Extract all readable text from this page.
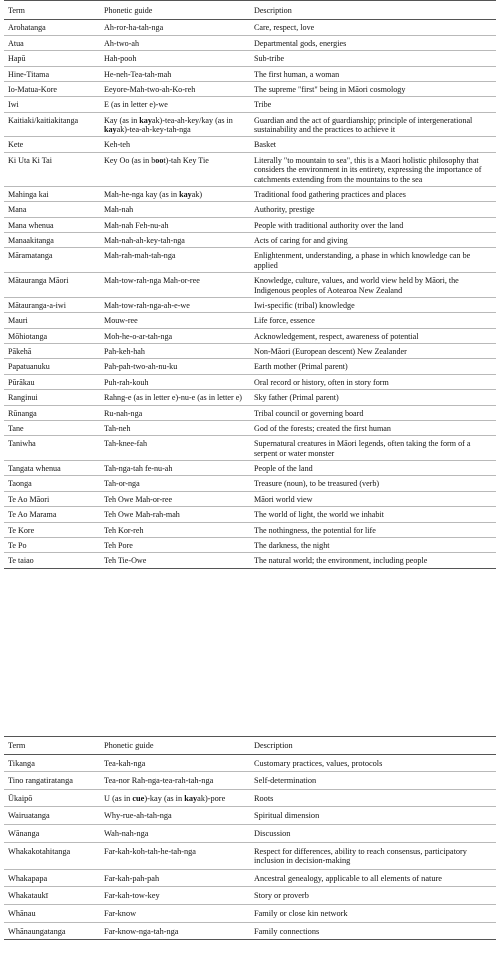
Term	Phonetic guide	Description
Arohatanga	Ah-ror-ha-tah-nga	Care, respect, love
Atua	Ah-two-ah	Departmental gods, energies
Hapū	Hah-pooh	Sub-tribe
Hine-Titama	He-neh-Tea-tah-mah	The first human, a woman
Io-Matua-Kore	Eeyore-Mah-two-ah-Ko-reh	The supreme "first" being in Māori cosmology
Iwi	E (as in letter e)-we	Tribe
Kaitiaki/kaitiakitanga	Kay (as in kayak)-tea-ah-key/kay (as in kayak)-tea-ah-key-tah-nga	Guardian and the act of guardianship; principle of intergenerational sustainability and the practices to achieve it
Kete	Keh-teh	Basket
Ki Uta Ki Tai	Key Oo (as in boot)-tah Key Tie	Literally "to mountain to sea", this is a Maori holistic philosophy that considers the environment in its entirety, expressing the importance of catchments extending from the mountains to the sea
Mahinga kai	Mah-he-nga kay (as in kayak)	Traditional food gathering practices and places
Mana	Mah-nah	Authority, prestige
Mana whenua	Mah-nah Feh-nu-ah	People with traditional authority over the land
Manaakitanga	Mah-nah-ah-key-tah-nga	Acts of caring for and giving
Māramatanga	Mah-rah-mah-tah-nga	Enlightenment, understanding, a phase in which knowledge can be applied
Mātauranga Māori	Mah-tow-rah-nga Mah-or-ree	Knowledge, culture, values, and world view held by Māori, the Indigenous peoples of Aotearoa New Zealand
Mātauranga-a-iwi	Mah-tow-rah-nga-ah-e-we	Iwi-specific (tribal) knowledge
Mauri	Mouw-ree	Life force, essence
Mōhiotanga	Moh-he-o-ar-tah-nga	Acknowledgement, respect, awareness of potential
Pākehā	Pah-keh-hah	Non-Māori (European descent) New Zealander
Papatuanuku	Pah-pah-two-ah-nu-ku	Earth mother (Primal parent)
Pūrākau	Puh-rah-kouh	Oral record or history, often in story form
Ranginui	Rahng-e (as in letter e)-nu-e (as in letter e)	Sky father (Primal parent)
Rūnanga	Ru-nah-nga	Tribal council or governing board
Tane	Tah-neh	God of the forests; created the first human
Taniwha	Tah-knee-fah	Supernatural creatures in Māori legends, often taking the form of a serpent or water monster
Tangata whenua	Tah-nga-tah fe-nu-ah	People of the land
Taonga	Tah-or-nga	Treasure (noun), to be treasured (verb)
Te Ao Māori	Teh Owe Mah-or-ree	Māori world view
Te Ao Marama	Teh Owe Mah-rah-mah	The world of light, the world we inhabit
Te Kore	Teh Kor-reh	The nothingness, the potential for life
Te Po	Teh Pore	The darkness, the night
Te taiao	Teh Tie-Owe	The natural world; the environment, including people
Term	Phonetic guide	Description
Tikanga	Tea-kah-nga	Customary practices, values, protocols
Tino rangatiratanga	Tea-nor Rah-nga-tea-rah-tah-nga	Self-determination
Ūkaipō	U (as in cue)-kay (as in kayak)-pore	Roots
Wairuatanga	Why-rue-ah-tah-nga	Spiritual dimension
Wānanga	Wah-nah-nga	Discussion
Whakakotahitanga	Far-kah-koh-tah-he-tah-nga	Respect for differences, ability to reach consensus, participatory inclusion in decision-making
Whakapapa	Far-kah-pah-pah	Ancestral genealogy, applicable to all elements of nature
Whakataukī	Far-kah-tow-key	Story or proverb
Whānau	Far-know	Family or close kin network
Whānaungatanga	Far-know-nga-tah-nga	Family connections
